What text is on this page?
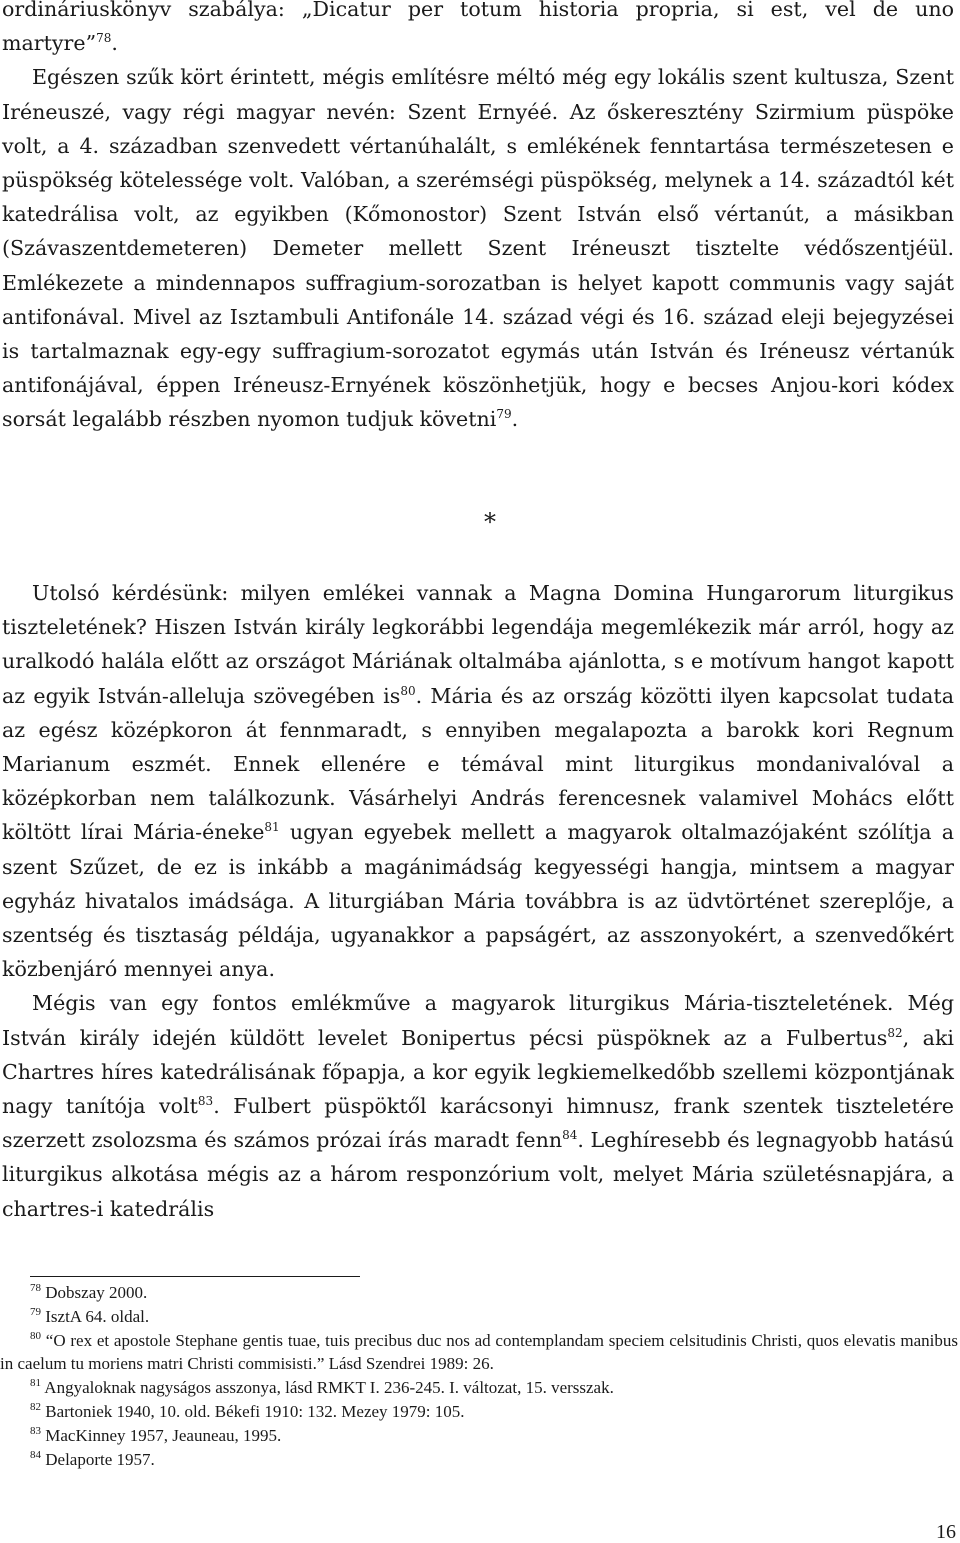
ordináriuskönyv szabálya: „Dicatur per totum historia propria, si est, vel de uno martyre”$^{78}$.

Egészen szűk kört érintett, mégis említésre méltó még egy lokális szent kultusza, Szent Iréneuszé, vagy régi magyar nevén: Szent Ernyéé. Az őskeresztény Szirmium püspöke volt, a 4. században szenvedett vértanúhalált, s emlékének fenntartása természetesen e püspökség kötelessége volt. Valóban, a szerémségi püspökség, melynek a 14. századtól két katedrálisa volt, az egyikben (Kőmonostor) Szent István első vértanút, a másikban (Szávaszentdemeteren) Demeter mellett Szent Iréneuszt tisztelte védőszentjéül. Emlékezete a mindennapos suffragium-sorozatban is helyet kapott communis vagy saját antifonával. Mivel az Isztambuli Antifonále 14. század végi és 16. század eleji bejegyzései is tartalmaznak egy-egy suffragium-sorozatot egymás után István és Iréneusz vértanúk antifonájával, éppen Iréneusz-Ernyének köszönhetjük, hogy e becses Anjou-kori kódex sorsát legalább részben nyomon tudjuk követni$^{79}$.

*

Utolsó kérdésünk: milyen emlékei vannak a Magna Domina Hungarorum liturgikus tiszteletének? Hiszen István király legkorábbi legendája megemlékezik már arról, hogy az uralkodó halála előtt az országot Máriának oltalmába ajánlotta, s e motívum hangot kapott az egyik István-alleluja szövegében $is^{80}$. Mária és az ország közötti ilyen kapcsolat tudata az egész középkoron át fennmaradt, s ennyiben megalapozta a barokk kori Regnum Marianum eszmét. Ennek ellenére e témával mint liturgikus mondanivalóval a középkorban nem találkozunk. Vásárhelyi András ferencesnek valamivel Mohács előtt költött lírai Mária-éneke$^{81}$ ugyan egyebek mellett a magyarok oltalmazójaként szólítja a szent Szűzet, de ez is inkább a magánimádság kegyességi hangja, mintsem a magyar egyház hivatalos imádsága. A liturgiában Mária továbbra is az üdvtörténet szereplője, a szentség és tisztaság példája, ugyanakkor a papságért, az asszonyokért, a szenvedőkért közbenjáró mennyei anya.

Mégis van egy fontos emlékműve a magyarok liturgikus Mária-tiszteletének. Még István király idején küldött levelet Bonipertus pécsi püspöknek az a Fulbertus$^{82}$, aki Chartres híres katedrálisának főpapja, a kor egyik legkiemelkedőbb szellemi központjának nagy tanítója volt$^{83}$. Fulbert püspöktől karácsonyi himnusz, frank szentek tiszteletére szerzett zsolozsma és számos prózai írás maradt fenn$^{84}$. Leghíresebb és legnagyobb hatású liturgikus alkotása mégis az a három responzórium volt, melyet Mária születésnapjára, a chartres-i katedrális

$^{78}$ Dobszay 2000.

$^{79}$ IsztA 64. oldal.

$^{80}$ “O rex et apostole Stephane gentis tuae, tuis precibus duc nos ad contemplandam speciem celsitudinis Christi, quos elevatis manibus in caelum tu moriens matri Christi commisisti.” Lásd Szendrei 1989: 26.

$^{81}$ Angyaloknak nagyságos asszonya, lásd RMKT I. 236-245. I. változat, 15. versszak.

$^{82}$ Bartoniek 1940, 10. old. Békefi 1910: 132. Mezey 1979: 105.

$^{83}$ MacKinney 1957, Jeauneau, 1995.

$^{84}$ Delaporte 1957.

16
